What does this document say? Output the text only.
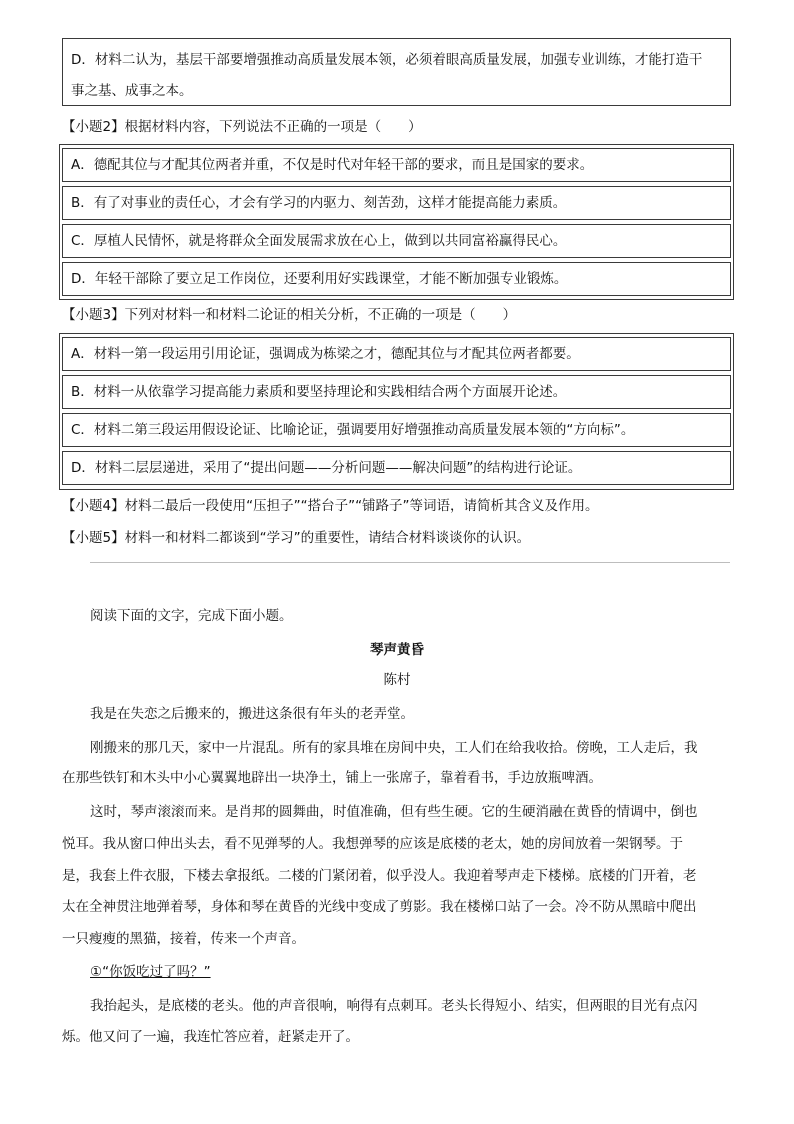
D．材料二认为，基层干部要增强推动高质量发展本领，必须着眼高质量发展，加强专业训练，才能打造干
事之基、成事之本。
【小题2】根据材料内容，下列说法不正确的一项是（　　）
A．德配其位与才配其位两者并重，不仅是时代对年轻干部的要求，而且是国家的要求。
B．有了对事业的责任心，才会有学习的内驱力、刻苦劲，这样才能提高能力素质。
C．厚植人民情怀，就是将群众全面发展需求放在心上，做到以共同富裕赢得民心。
D．年轻干部除了要立足工作岗位，还要利用好实践课堂，才能不断加强专业锻炼。
【小题3】下列对材料一和材料二论证的相关分析，不正确的一项是（　　）
A．材料一第一段运用引用论证，强调成为栋梁之才，德配其位与才配其位两者都要。
B．材料一从依靠学习提高能力素质和要坚持理论和实践相结合两个方面展开论述。
C．材料二第三段运用假设论证、比喻论证，强调要用好增强推动高质量发展本领的“方向标”。
D．材料二层层递进，采用了“提出问题——分析问题——解决问题”的结构进行论证。
【小题4】材料二最后一段使用“压担子”“搭台子”“铺路子”等词语，请简析其含义及作用。
【小题5】材料一和材料二都谈到“学习”的重要性，请结合材料谈谈你的认识。
阅读下面的文字，完成下面小题。
琴声黄昏
陈村
我是在失恋之后搬来的，搬进这条很有年头的老弄堂。
刚搬来的那几天，家中一片混乱。所有的家具堆在房间中央，工人们在给我收拾。傍晚，工人走后，我
在那些铁钉和木头中小心翼翼地辟出一块净土，铺上一张席子，靠着看书，手边放瓶啤酒。
这时，琴声滚滚而来。是肖邦的圆舞曲，时值准确，但有些生硬。它的生硬消融在黄昏的情调中，倒也
悦耳。我从窗口伸出头去，看不见弹琴的人。我想弹琴的应该是底楼的老太，她的房间放着一架钢琴。于
是，我套上件衣服，下楼去拿报纸。二楼的门紧闭着，似乎没人。我迎着琴声走下楼梯。底楼的门开着，老
太在全神贯注地弹着琴，身体和琴在黄昏的光线中变成了剪影。我在楼梯口站了一会。冷不防从黑暗中爬出
一只瘦瘦的黑猫，接着，传来一个声音。
①“你饭吃过了吗？”
我抬起头，是底楼的老头。他的声音很响，响得有点刺耳。老头长得短小、结实，但两眼的目光有点闪
烁。他又问了一遍，我连忙答应着，赶紧走开了。
